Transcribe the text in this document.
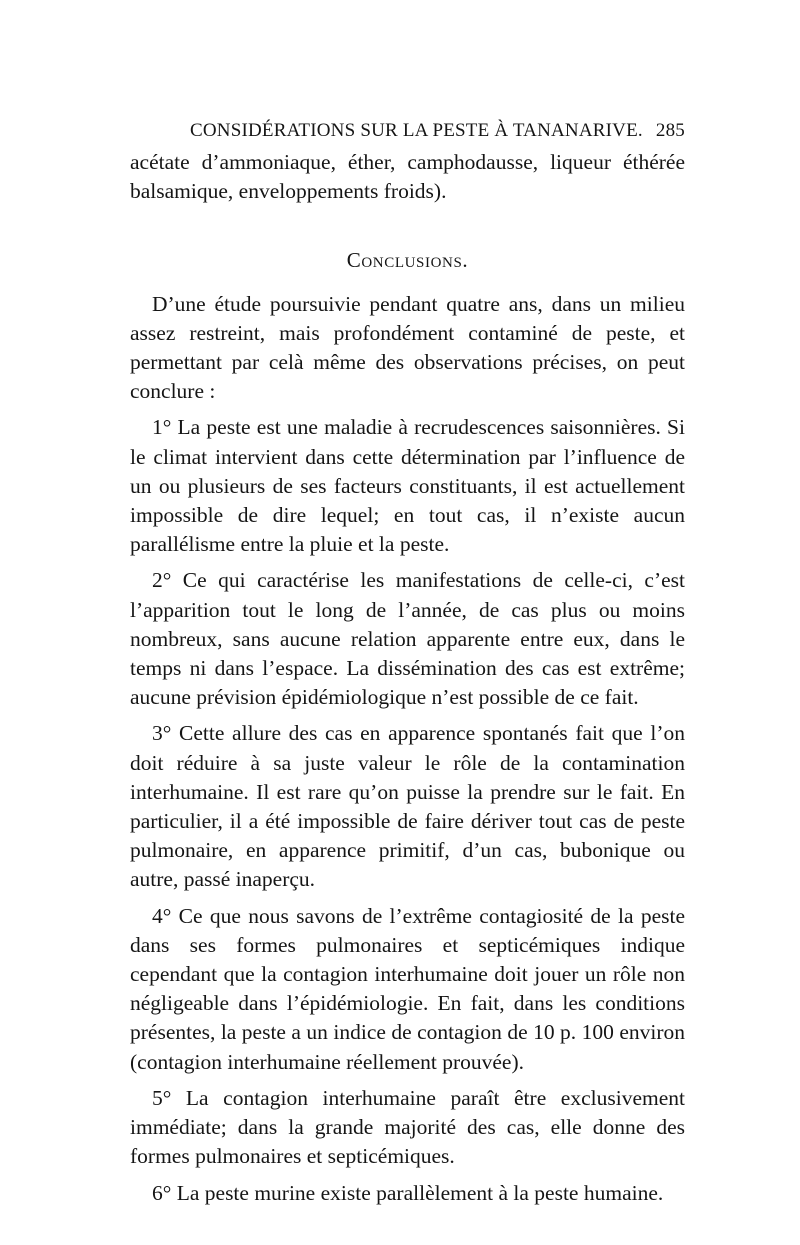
CONSIDÉRATIONS SUR LA PESTE À TANANARIVE. 285

acétate d’ammoniaque, éther, camphodausse, liqueur éthérée balsamique, enveloppements froids).

Conclusions.

D’une étude poursuivie pendant quatre ans, dans un milieu assez restreint, mais profondément contaminé de peste, et permettant par celà même des observations précises, on peut conclure :

1° La peste est une maladie à recrudescences saisonnières. Si le climat intervient dans cette détermination par l’influence de un ou plusieurs de ses facteurs constituants, il est actuellement impossible de dire lequel; en tout cas, il n’existe aucun parallélisme entre la pluie et la peste.

2° Ce qui caractérise les manifestations de celle-ci, c’est l’apparition tout le long de l’année, de cas plus ou moins nombreux, sans aucune relation apparente entre eux, dans le temps ni dans l’espace. La dissémination des cas est extrême; aucune prévision épidémiologique n’est possible de ce fait.

3° Cette allure des cas en apparence spontanés fait que l’on doit réduire à sa juste valeur le rôle de la contamination interhumaine. Il est rare qu’on puisse la prendre sur le fait. En particulier, il a été impossible de faire dériver tout cas de peste pulmonaire, en apparence primitif, d’un cas, bubonique ou autre, passé inaperçu.

4° Ce que nous savons de l’extrême contagiosité de la peste dans ses formes pulmonaires et septicémiques indique cependant que la contagion interhumaine doit jouer un rôle non négligeable dans l’épidémiologie. En fait, dans les conditions présentes, la peste a un indice de contagion de 10 p. 100 environ (contagion interhumaine réellement prouvée).

5° La contagion interhumaine paraît être exclusivement immédiate; dans la grande majorité des cas, elle donne des formes pulmonaires et septicémiques.

6° La peste murine existe parallèlement à la peste humaine.
